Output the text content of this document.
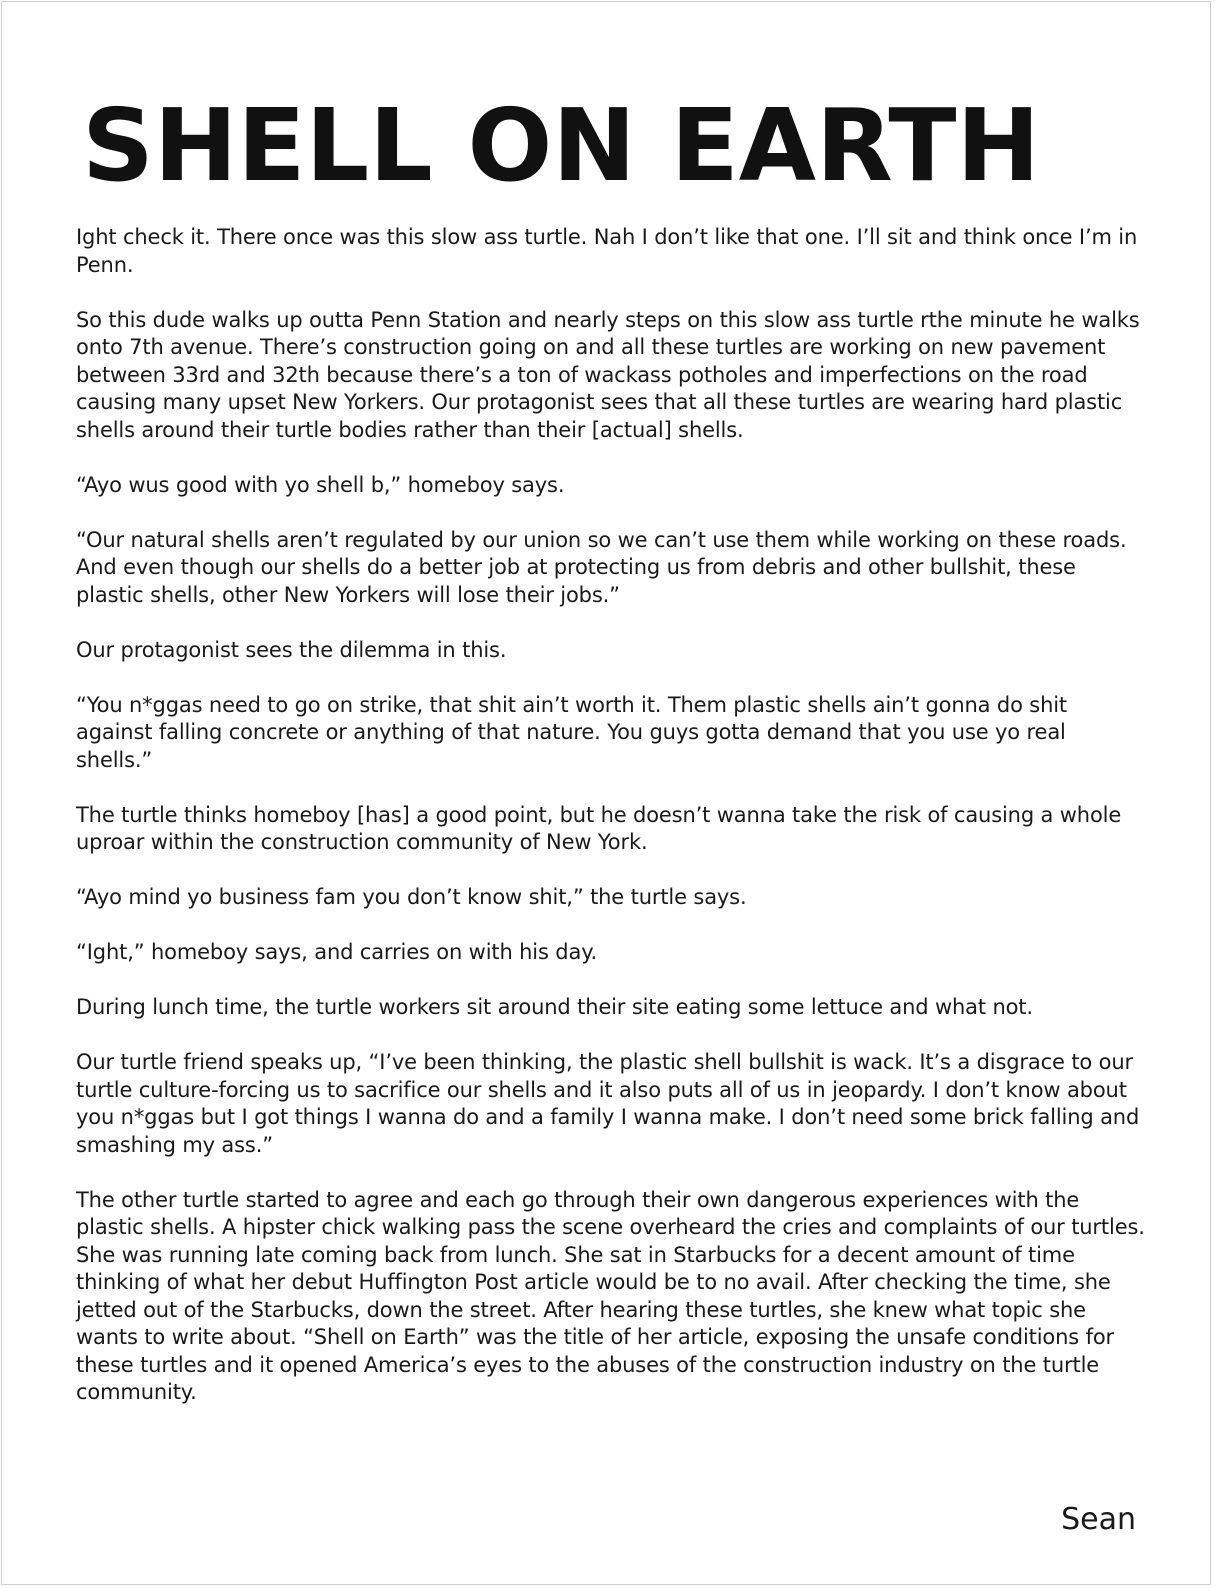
SHELL ON EARTH

Ight check it. There once was this slow ass turtle. Nah I don’t like that one. I’ll sit and think once I’m in Penn.

So this dude walks up outta Penn Station and nearly steps on this slow ass turtle rthe minute he walks onto 7th avenue. There’s construction going on and all these turtles are working on new pavement between 33rd and 32th because there’s a ton of wackass potholes and imperfections on the road causing many upset New Yorkers. Our protagonist sees that all these turtles are wearing hard plastic shells around their turtle bodies rather than their [actual] shells.

“Ayo wus good with yo shell b,” homeboy says.

“Our natural shells aren’t regulated by our union so we can’t use them while working on these roads. And even though our shells do a better job at protecting us from debris and other bullshit, these plastic shells, other New Yorkers will lose their jobs.”

Our protagonist sees the dilemma in this.

“You n*ggas need to go on strike, that shit ain’t worth it. Them plastic shells ain’t gonna do shit against falling concrete or anything of that nature. You guys gotta demand that you use yo real shells.”

The turtle thinks homeboy [has] a good point, but he doesn’t wanna take the risk of causing a whole uproar within the construction community of New York.

“Ayo mind yo business fam you don’t know shit,” the turtle says.

“Ight,” homeboy says, and carries on with his day.

During lunch time, the turtle workers sit around their site eating some lettuce and what not.

Our turtle friend speaks up, “I’ve been thinking, the plastic shell bullshit is wack. It’s a disgrace to our turtle culture-forcing us to sacrifice our shells and it also puts all of us in jeopardy. I don’t know about you n*ggas but I got things I wanna do and a family I wanna make. I don’t need some brick falling and smashing my ass.”

The other turtle started to agree and each go through their own dangerous experiences with the plastic shells. A hipster chick walking pass the scene overheard the cries and complaints of our turtles. She was running late coming back from lunch. She sat in Starbucks for a decent amount of time thinking of what her debut Huffington Post article would be to no avail. After checking the time, she jetted out of the Starbucks, down the street. After hearing these turtles, she knew what topic she wants to write about. “Shell on Earth” was the title of her article, exposing the unsafe conditions for these turtles and it opened America’s eyes to the abuses of the construction industry on the turtle community.

Sean
